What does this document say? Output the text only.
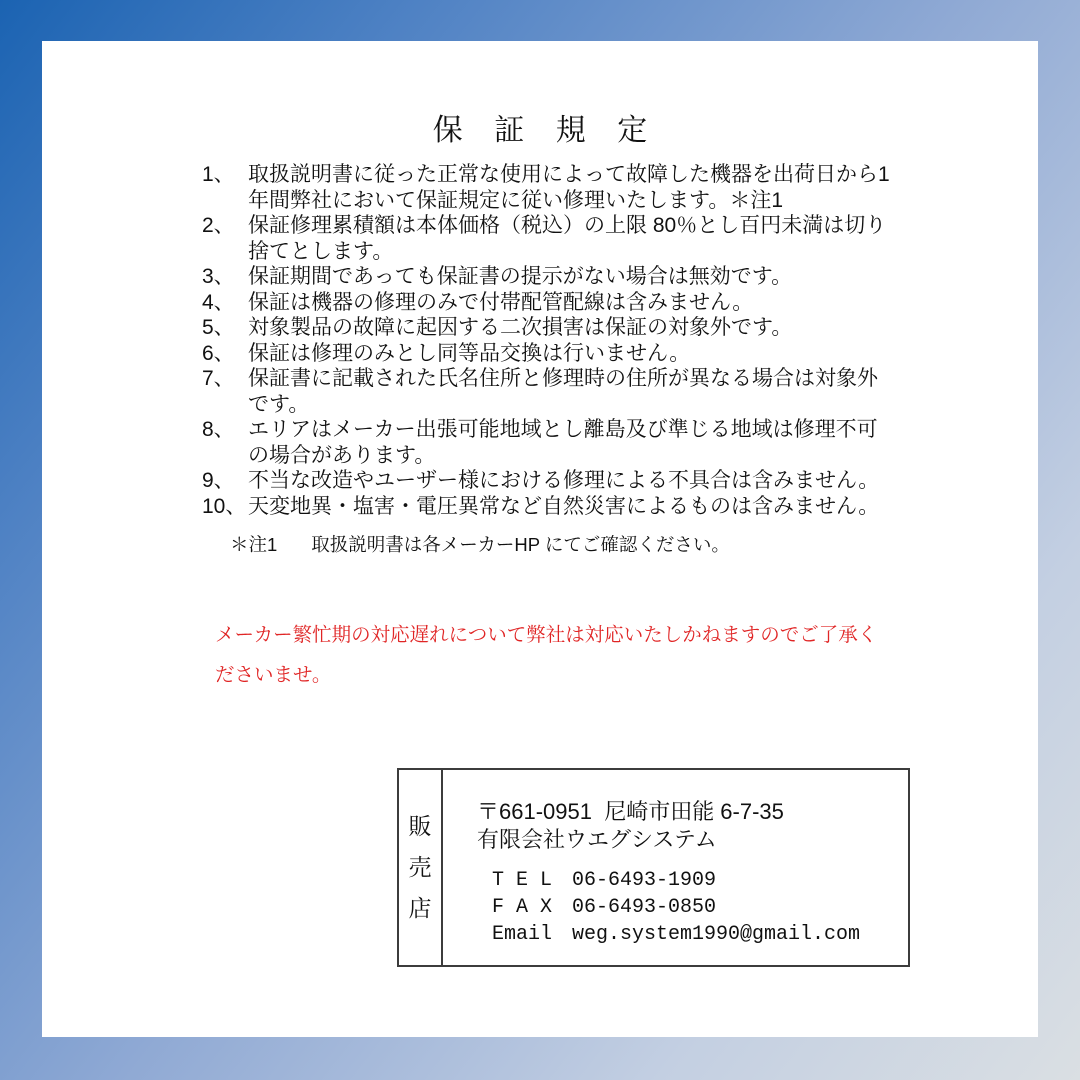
保証規定
1、 取扱説明書に従った正常な使用によって故障した機器を出荷日から1年間弊社において保証規定に従い修理いたします。＊注1
2、 保証修理累積額は本体価格（税込）の上限 80％とし百円未満は切り捨てとします。
3、 保証期間であっても保証書の提示がない場合は無効です。
4、 保証は機器の修理のみで付帯配管配線は含みません。
5、 対象製品の故障に起因する二次損害は保証の対象外です。
6、 保証は修理のみとし同等品交換は行いません。
7、 保証書に記載された氏名住所と修理時の住所が異なる場合は対象外です。
8、 エリアはメーカー出張可能地域とし離島及び準じる地域は修理不可の場合があります。
9、 不当な改造やユーザー様における修理による不具合は含みません。
10、 天変地異・塩害・電圧異常など自然災害によるものは含みません。
＊注1 取扱説明書は各メーカーHP にてご確認ください。
メーカー繁忙期の対応遅れについて弊社は対応いたしかねますのでご了承くださいませ。
販売店
〒661-0951  尼崎市田能 6-7-35
有限会社ウエグシステム
T E L 06-6493-1909
F A X 06-6493-0850
Email weg.system1990@gmail.com
